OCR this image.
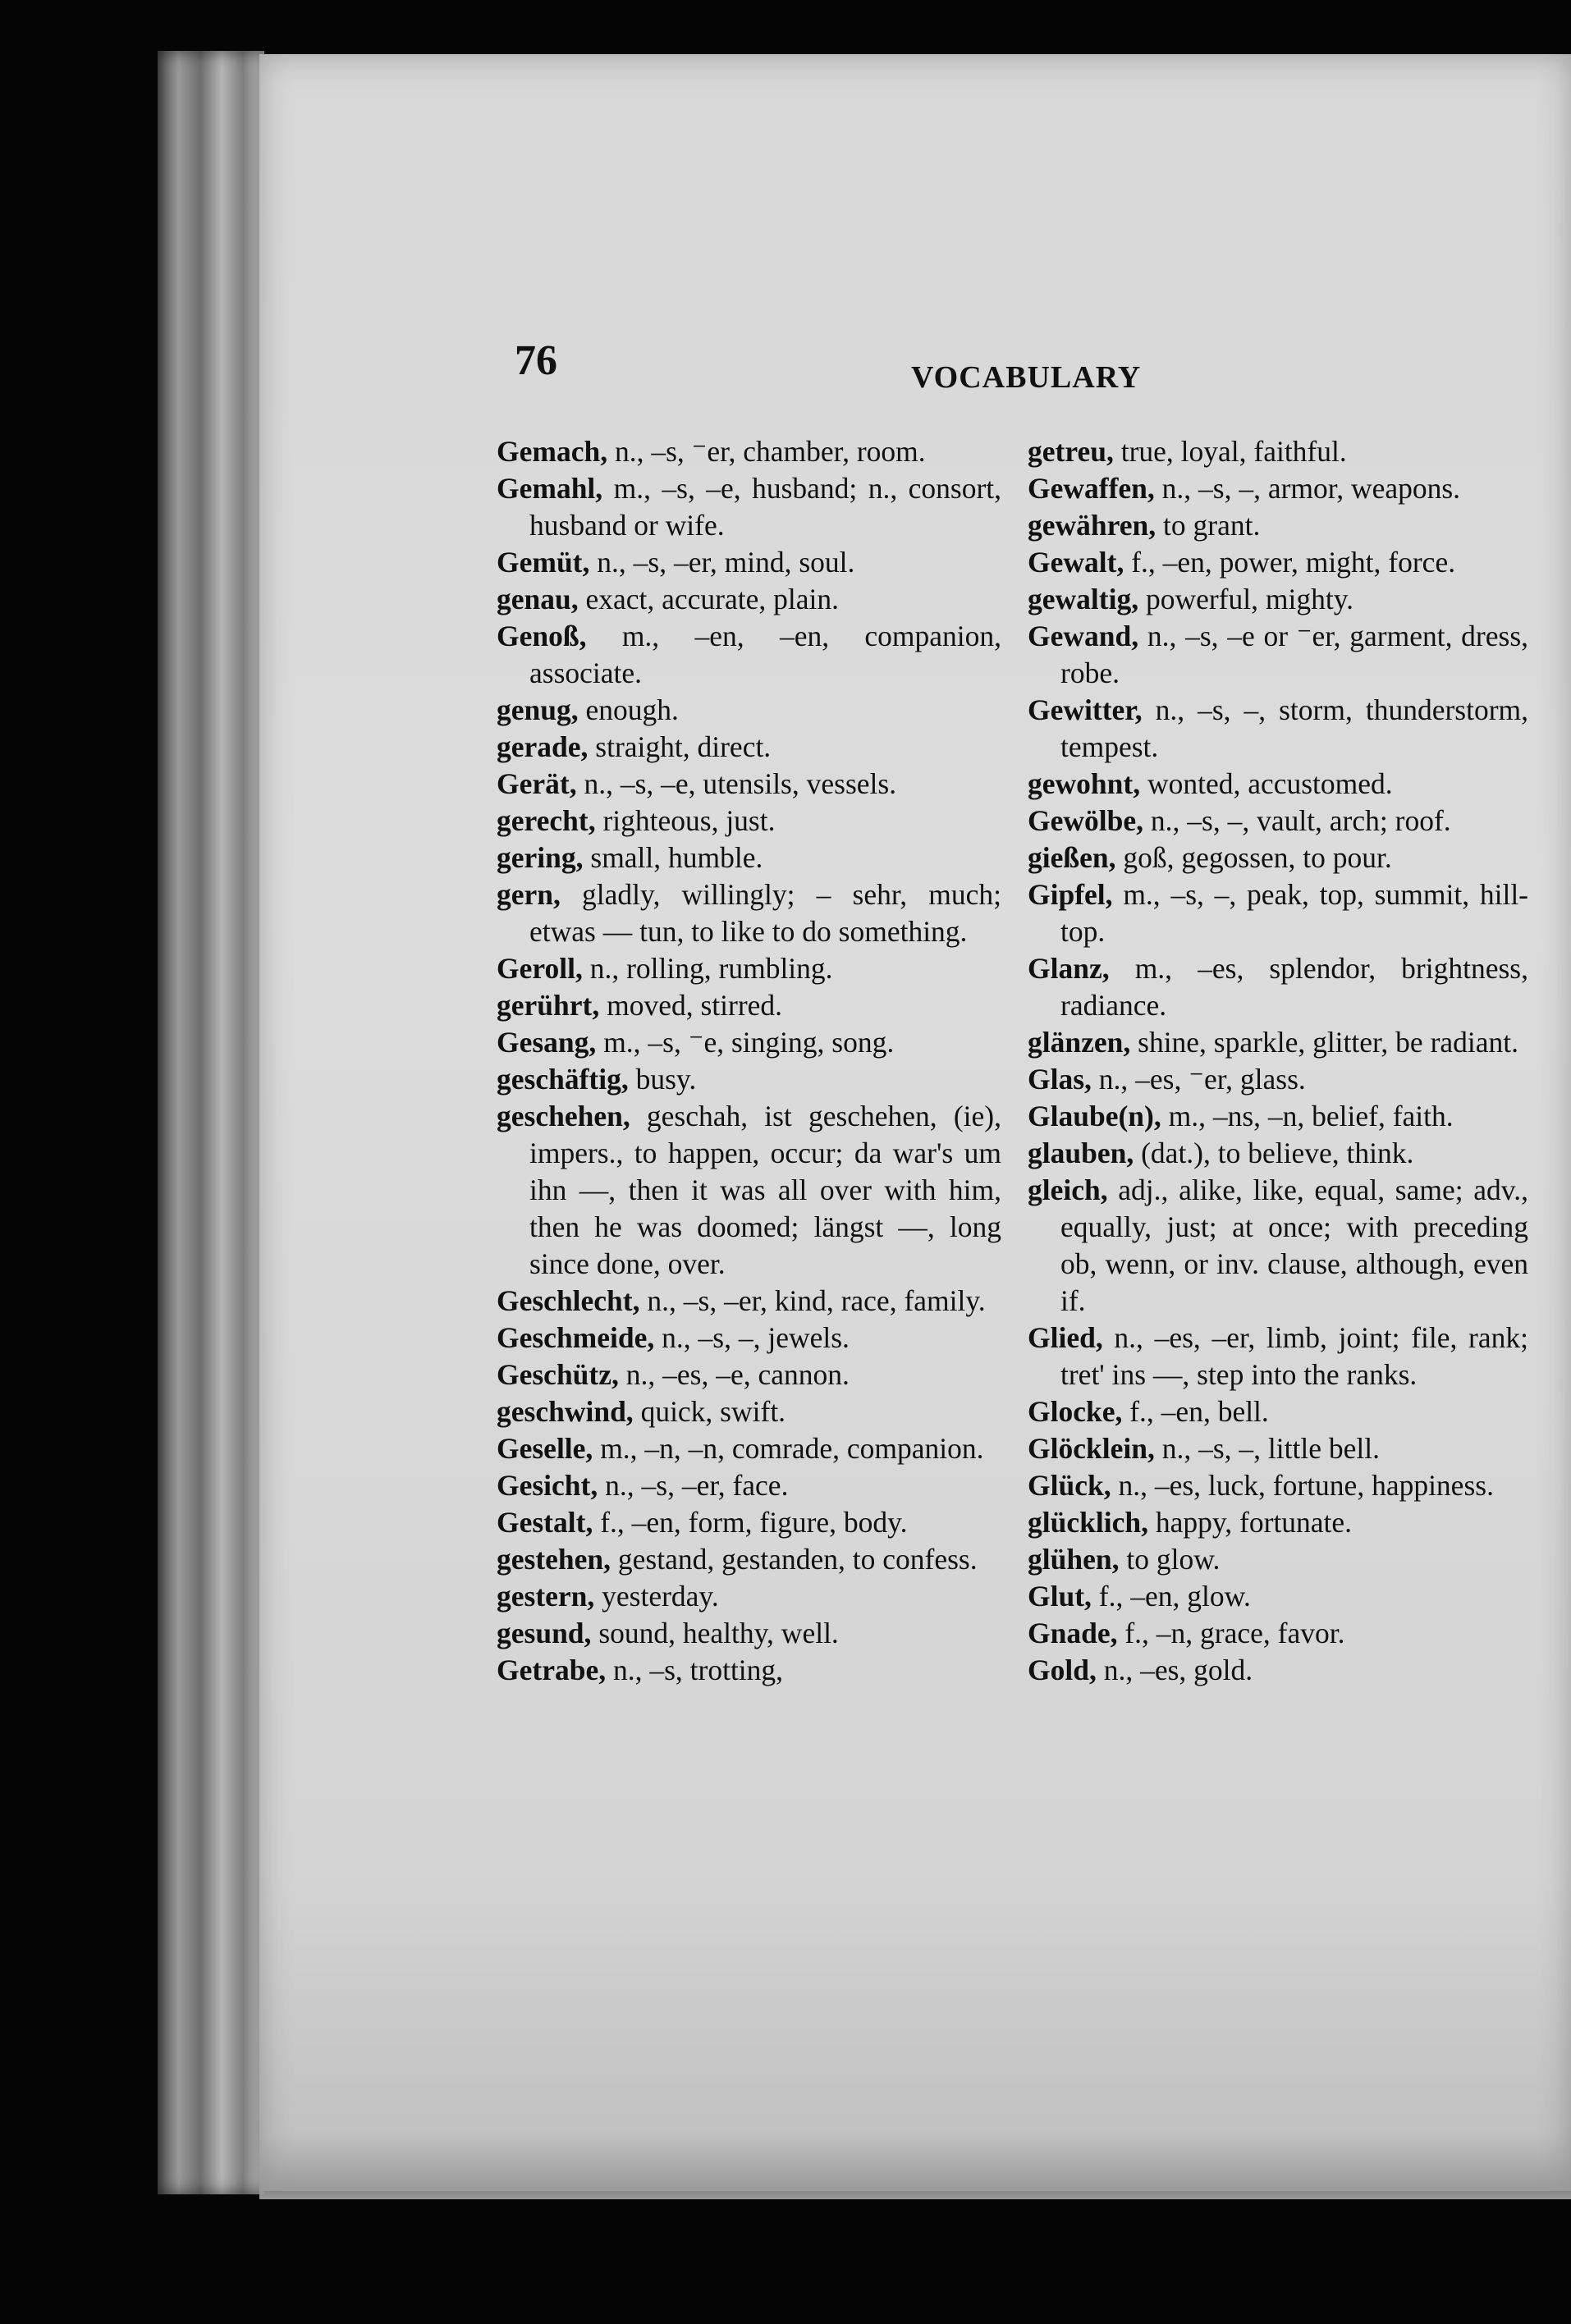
76	VOCABULARY
Gemach, n., –s, ⁻er, chamber, room.
Gemahl, m., –s, –e, husband; n., consort, husband or wife.
Gemüt, n., –s, –er, mind, soul.
genau, exact, accurate, plain.
Genoß, m., –en, –en, companion, associate.
genug, enough.
gerade, straight, direct.
Gerät, n., –s, –e, utensils, vessels.
gerecht, righteous, just.
gering, small, humble.
gern, gladly, willingly; – sehr, much; etwas — tun, to like to do something.
Geroll, n., rolling, rumbling.
gerührt, moved, stirred.
Gesang, m., –s, ⁻e, singing, song.
geschäftig, busy.
geschehen, geschah, ist geschehen, (ie), impers., to happen, occur; da war's um ihn —, then it was all over with him, then he was doomed; längst —, long since done, over.
Geschlecht, n., –s, –er, kind, race, family.
Geschmeide, n., –s, –, jewels.
Geschütz, n., –es, –e, cannon.
geschwind, quick, swift.
Geselle, m., –n, –n, comrade, companion.
Gesicht, n., –s, –er, face.
Gestalt, f., –en, form, figure, body.
gestehen, gestand, gestanden, to confess.
gestern, yesterday.
gesund, sound, healthy, well.
Getrabe, n., –s, trotting,
getreu, true, loyal, faithful.
Gewaffen, n., –s, –, armor, weapons.
gewähren, to grant.
Gewalt, f., –en, power, might, force.
gewaltig, powerful, mighty.
Gewand, n., –s, –e or ⁻er, garment, dress, robe.
Gewitter, n., –s, –, storm, thunderstorm, tempest.
gewohnt, wonted, accustomed.
Gewölbe, n., –s, –, vault, arch; roof.
gießen, goß, gegossen, to pour.
Gipfel, m., –s, –, peak, top, summit, hill-top.
Glanz, m., –es, splendor, brightness, radiance.
glänzen, shine, sparkle, glitter, be radiant.
Glas, n., –es, ⁻er, glass.
Glaube(n), m., –ns, –n, belief, faith.
glauben, (dat.), to believe, think.
gleich, adj., alike, like, equal, same; adv., equally, just; at once; with preceding ob, wenn, or inv. clause, although, even if.
Glied, n., –es, –er, limb, joint; file, rank; tret' ins —, step into the ranks.
Glocke, f., –en, bell.
Glöcklein, n., –s, –, little bell.
Glück, n., –es, luck, fortune, happiness.
glücklich, happy, fortunate.
glühen, to glow.
Glut, f., –en, glow.
Gnade, f., –n, grace, favor.
Gold, n., –es, gold.
